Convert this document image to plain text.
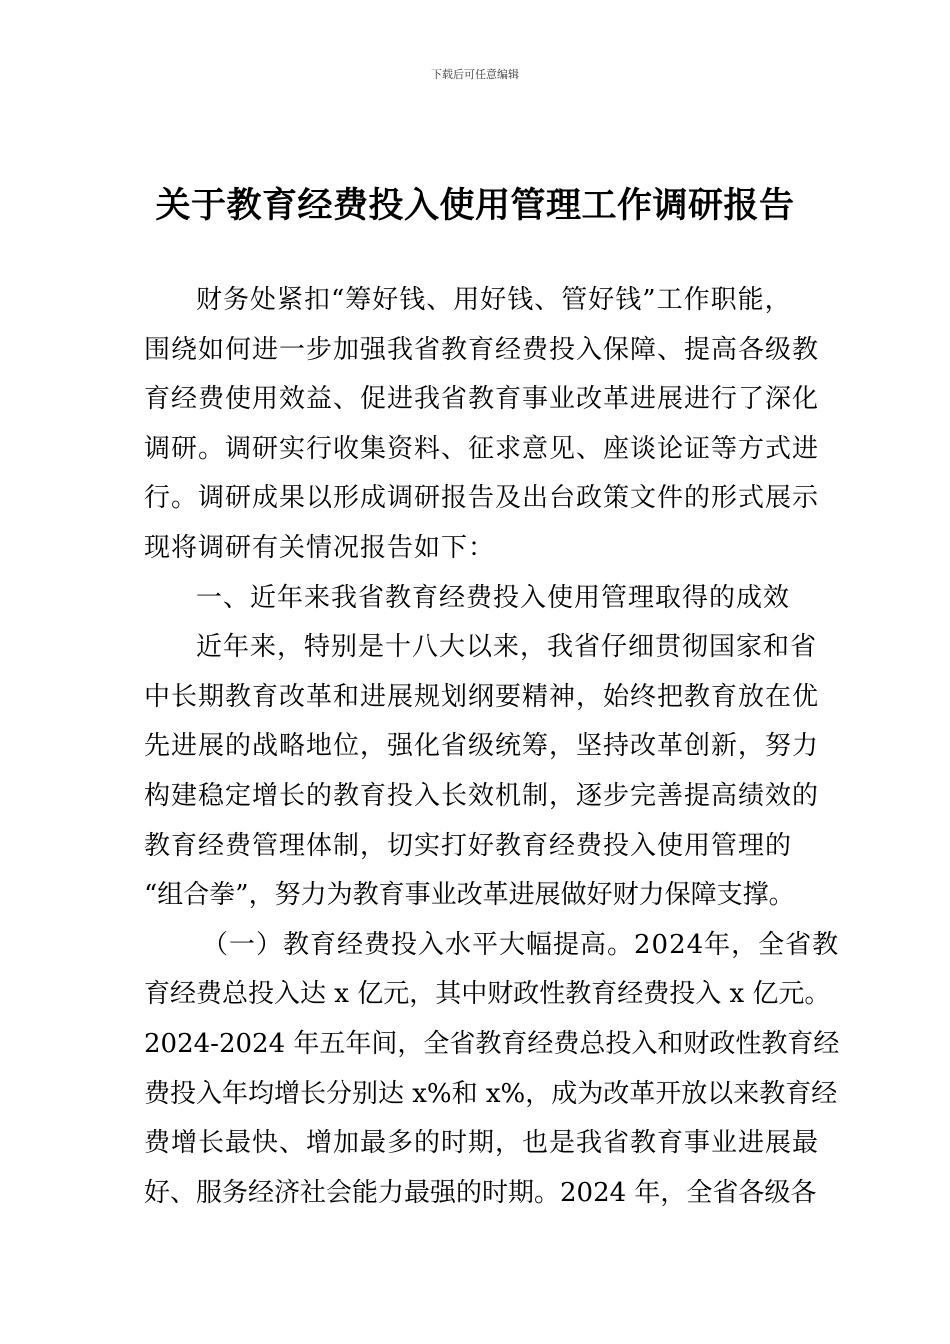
下载后可任意编辑
关于教育经费投入使用管理工作调研报告
财务处紧扣“筹好钱、用好钱、管好钱”工作职能，
围绕如何进一步加强我省教育经费投入保障、提高各级教
育经费使用效益、促进我省教育事业改革进展进行了深化
调研。调研实行收集资料、征求意见、座谈论证等方式进
行。调研成果以形成调研报告及出台政策文件的形式展示
现将调研有关情况报告如下：
一、近年来我省教育经费投入使用管理取得的成效
近年来，特别是十八大以来，我省仔细贯彻国家和省
中长期教育改革和进展规划纲要精神，始终把教育放在优
先进展的战略地位，强化省级统筹，坚持改革创新，努力
构建稳定增长的教育投入长效机制，逐步完善提高绩效的
教育经费管理体制，切实打好教育经费投入使用管理的
“组合拳”，努力为教育事业改革进展做好财力保障支撑。
（一）教育经费投入水平大幅提高。2024年，全省教
育经费总投入达 x 亿元，其中财政性教育经费投入 x 亿元。
2024-2024 年五年间，全省教育经费总投入和财政性教育经
费投入年均增长分别达 x%和 x%，成为改革开放以来教育经
费增长最快、增加最多的时期，也是我省教育事业进展最
好、服务经济社会能力最强的时期。2024 年，全省各级各
